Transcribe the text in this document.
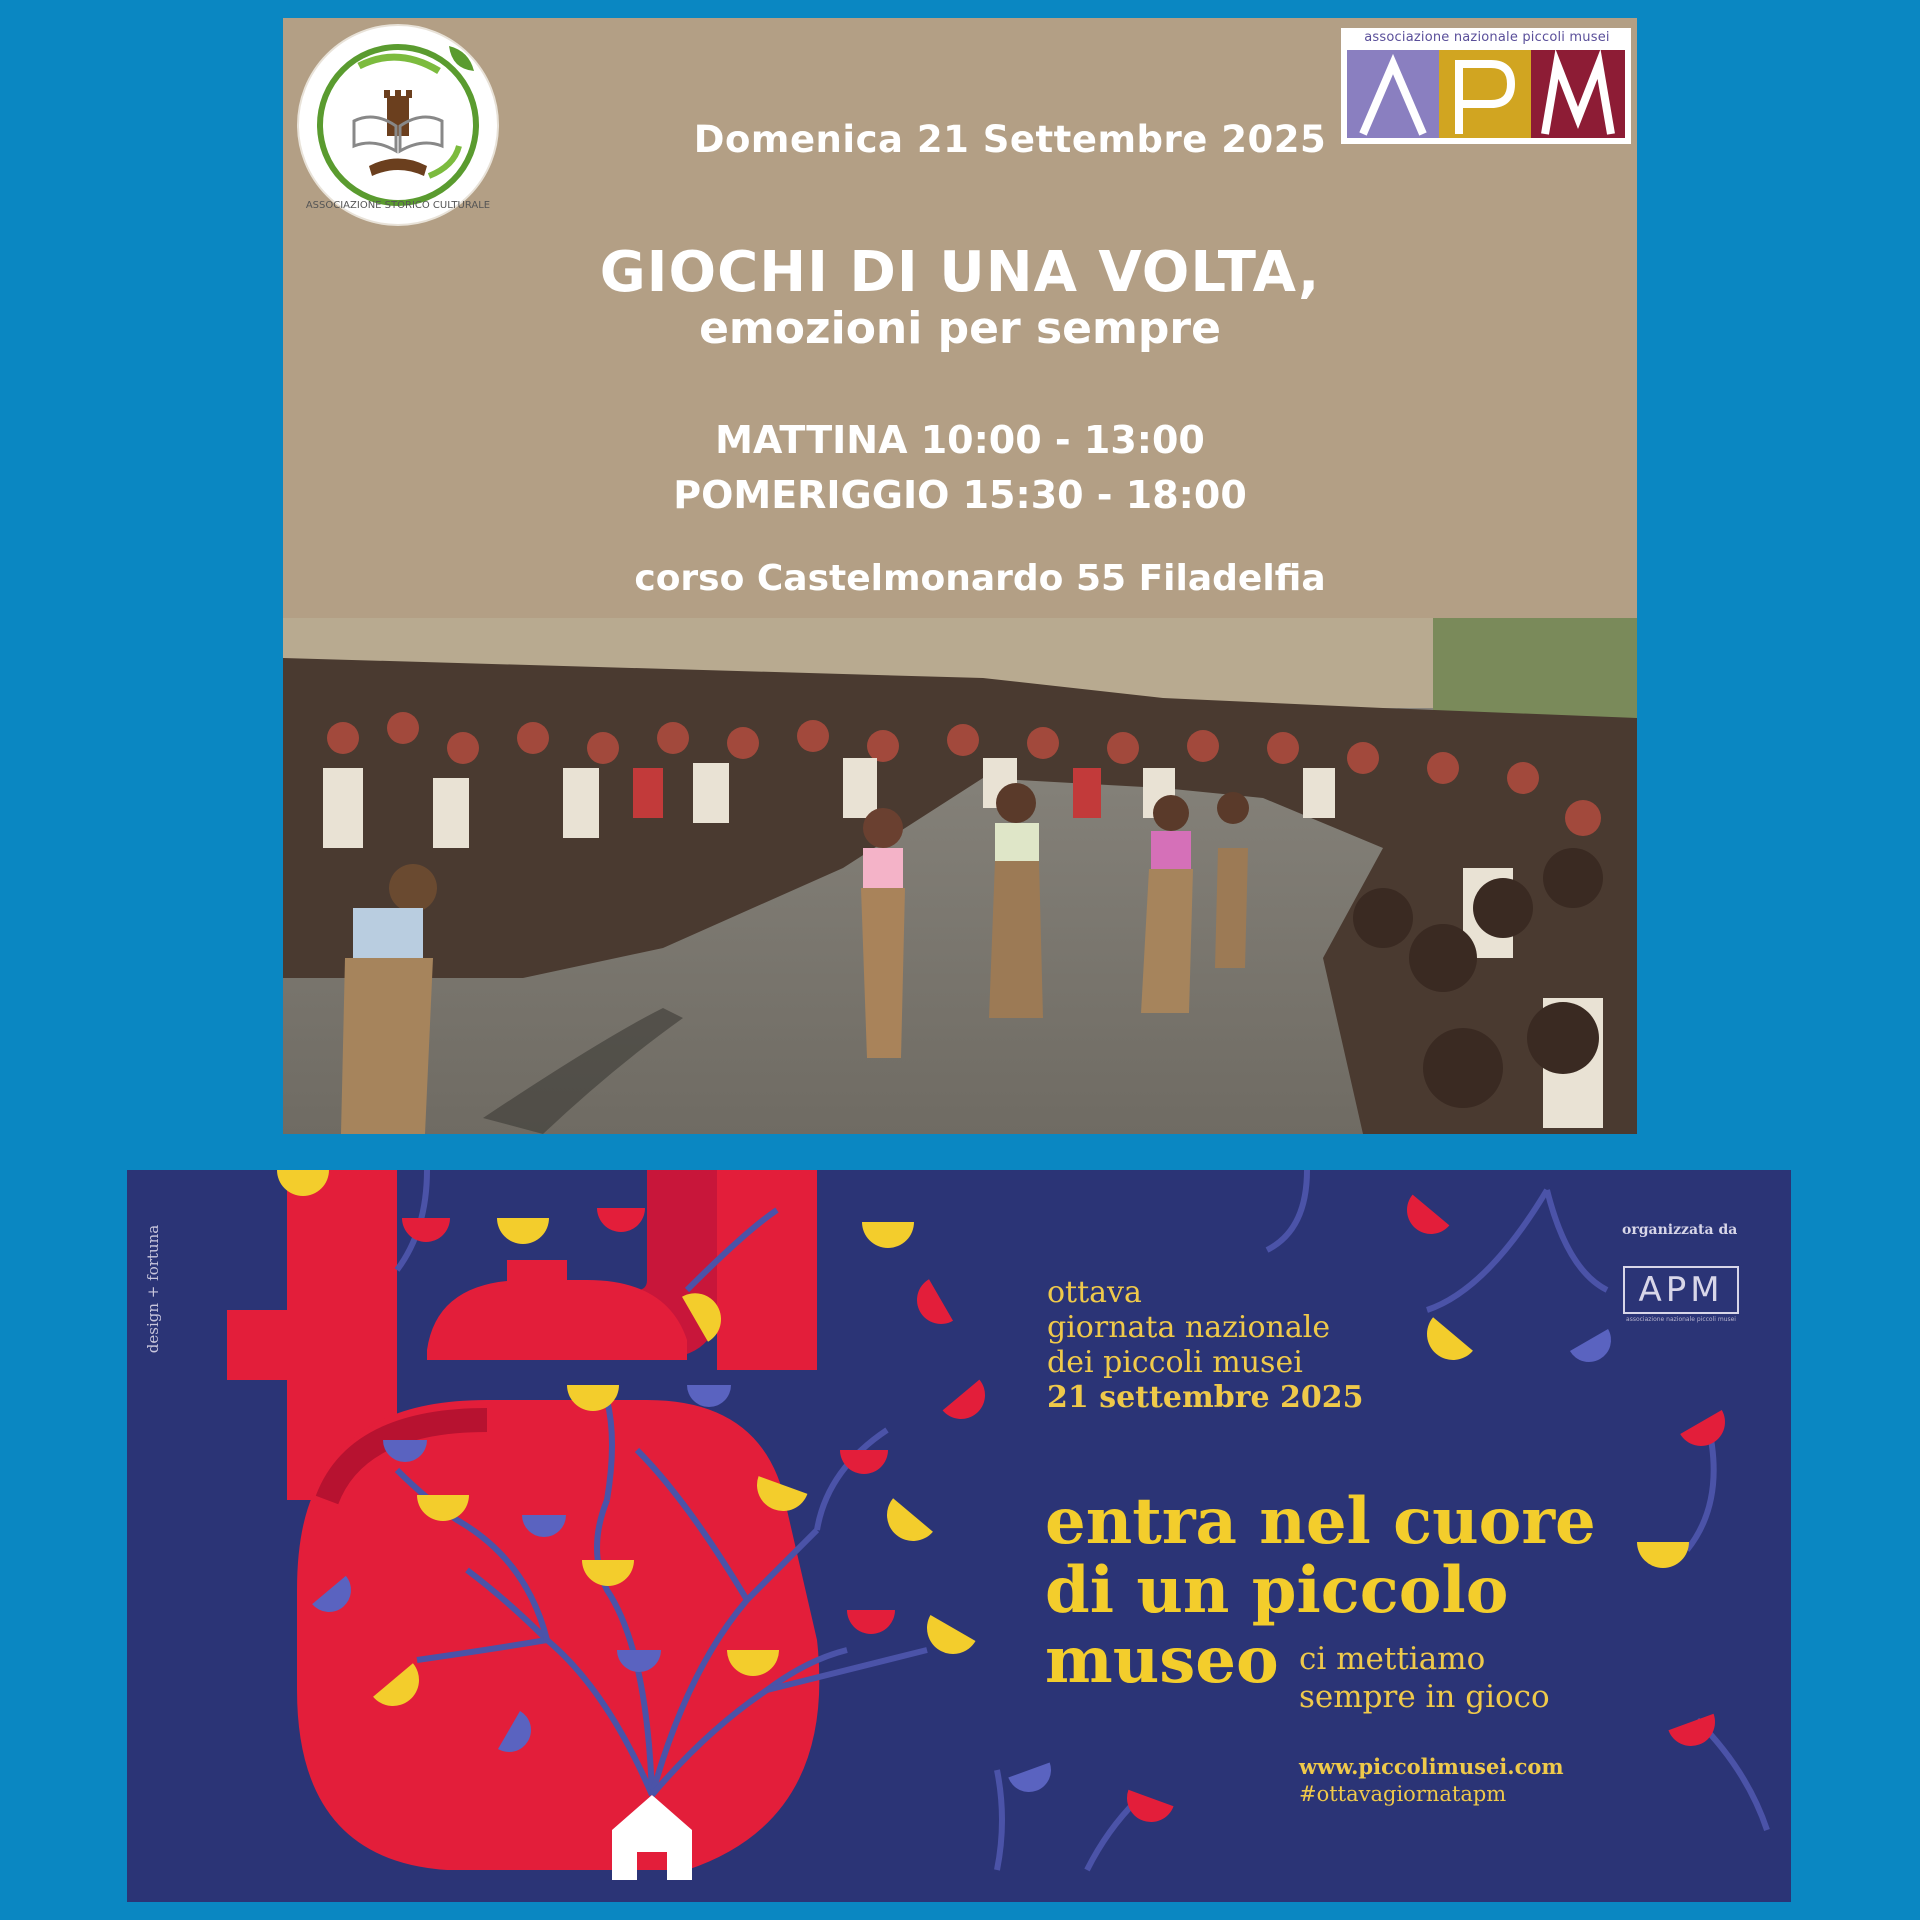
ASSOCIAZIONE STORICO CULTURALE
Domenica 21 Settembre 2025
associazione nazionale piccoli musei
GIOCHI DI UNA VOLTA,
emozioni per sempre
MATTINA 10:00 - 13:00
POMERIGGIO 15:30 - 18:00
corso Castelmonardo 55 Filadelfia
design + fortuna	organizzata da
APM
associazione nazionale piccoli musei
ottava
giornata nazionale
dei piccoli musei
21 settembre 2025
entra nel cuore
di un piccolo
museo ci mettiamo
sempre in gioco
www.piccolimusei.com
#ottavagiornatapm
